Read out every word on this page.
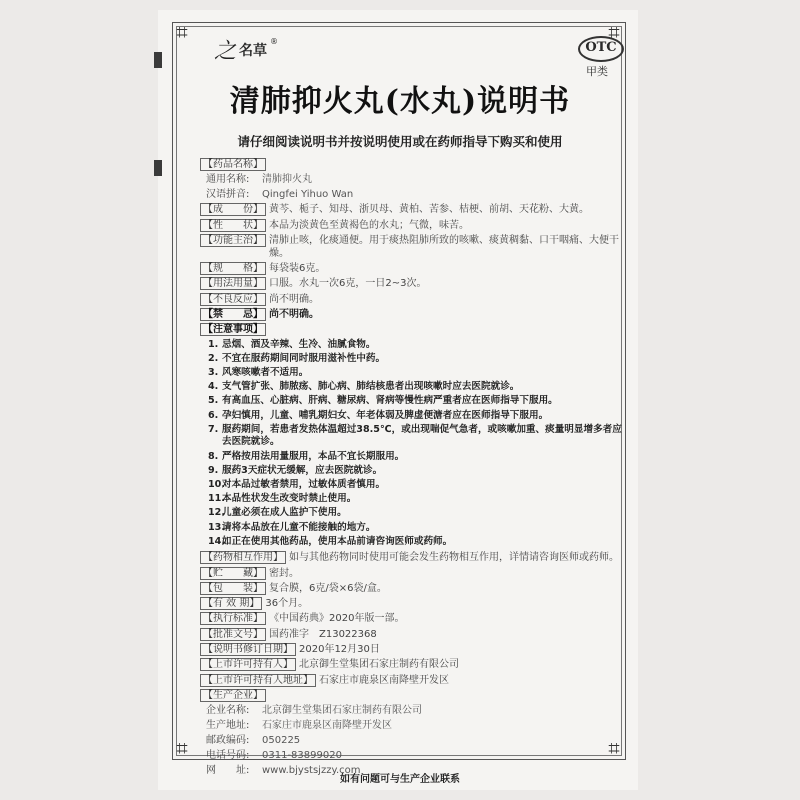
⌗	⌗
⌗	⌗
之 名草
®	OTC
甲类
清肺抑火丸(水丸)说明书
请仔细阅读说明书并按说明使用或在药师指导下购买和使用
【药品名称】
通用名称:	清肺抑火丸
汉语拼音:	Qingfei Yihuo Wan
【成　　份】 黄芩、栀子、知母、浙贝母、黄柏、苦参、桔梗、前胡、天花粉、大黄。
【性　　状】 本品为淡黄色至黄褐色的水丸；气微，味苦。
【功能主治】 清肺止咳，化痰通便。用于痰热阻肺所致的咳嗽、痰黄稠黏、口干咽痛、大便干燥。
【规　　格】 每袋装6克。
【用法用量】 口服。水丸一次6克，一日2~3次。
【不良反应】 尚不明确。
【禁　　忌】 尚不明确。
【注意事项】
1. 忌烟、酒及辛辣、生冷、油腻食物。
2. 不宜在服药期间同时服用滋补性中药。
3. 风寒咳嗽者不适用。
4. 支气管扩张、肺脓疡、肺心病、肺结核患者出现咳嗽时应去医院就诊。
5. 有高血压、心脏病、肝病、糖尿病、肾病等慢性病严重者应在医师指导下服用。
6. 孕妇慎用，儿童、哺乳期妇女、年老体弱及脾虚便溏者应在医师指导下服用。
7. 服药期间，若患者发热体温超过38.5℃，或出现喘促气急者，或咳嗽加重、痰量明显增多者应去医院就诊。
8. 严格按用法用量服用，本品不宜长期服用。
9. 服药3天症状无缓解，应去医院就诊。
10.
对本品过敏者禁用，过敏体质者慎用。
11.
本品性状发生改变时禁止使用。
12.
儿童必须在成人监护下使用。
13.
请将本品放在儿童不能接触的地方。
14.
如正在使用其他药品，使用本品前请咨询医师或药师。
【药物相互作用】 如与其他药物同时使用可能会发生药物相互作用，详情请咨询医师或药师。
【贮　　藏】 密封。
【包　　装】 复合膜，6克/袋×6袋/盒。
【有 效 期】 36个月。
【执行标准】 《中国药典》2020年版一部。
【批准文号】 国药准字　Z13022368
【说明书修订日期】 2020年12月30日
【上市许可持有人】 北京御生堂集团石家庄制药有限公司
【上市许可持有人地址】 石家庄市鹿泉区南降壁开发区
【生产企业】
企业名称:	北京御生堂集团石家庄制药有限公司
生产地址:	石家庄市鹿泉区南降壁开发区
邮政编码:	050225
电话号码:	0311-83899020
网　　址:	www.bjystsjzzy.com
如有问题可与生产企业联系
